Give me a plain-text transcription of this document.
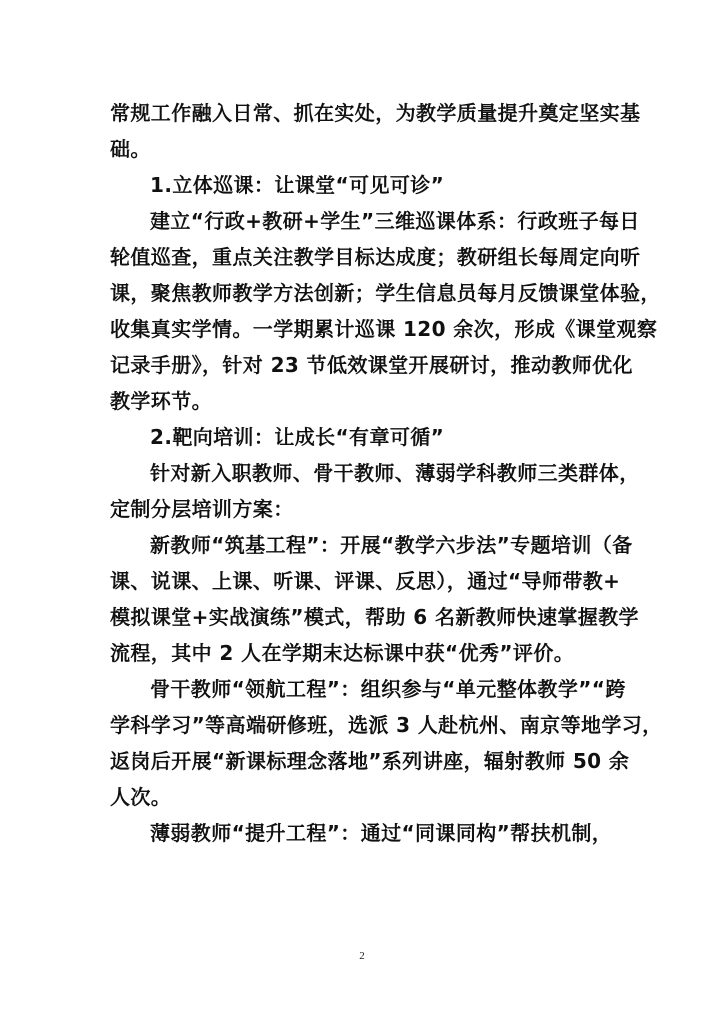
常规工作融入日常、抓在实处，为教学质量提升奠定坚实基
础。
1.立体巡课：让课堂“可见可诊”
建立“行政+教研+学生”三维巡课体系：行政班子每日
轮值巡查，重点关注教学目标达成度；教研组长每周定向听
课，聚焦教师教学方法创新；学生信息员每月反馈课堂体验，
收集真实学情。一学期累计巡课 120 余次，形成《课堂观察
记录手册》，针对 23 节低效课堂开展研讨，推动教师优化
教学环节。
2.靶向培训：让成长“有章可循”
针对新入职教师、骨干教师、薄弱学科教师三类群体，
定制分层培训方案：
新教师“筑基工程”：开展“教学六步法”专题培训（备
课、说课、上课、听课、评课、反思），通过“导师带教+
模拟课堂+实战演练”模式，帮助 6 名新教师快速掌握教学
流程，其中 2 人在学期末达标课中获“优秀”评价。
骨干教师“领航工程”：组织参与“单元整体教学”“跨
学科学习”等高端研修班，选派 3 人赴杭州、南京等地学习，
返岗后开展“新课标理念落地”系列讲座，辐射教师 50 余
人次。
薄弱教师“提升工程”：通过“同课同构”帮扶机制，
2
